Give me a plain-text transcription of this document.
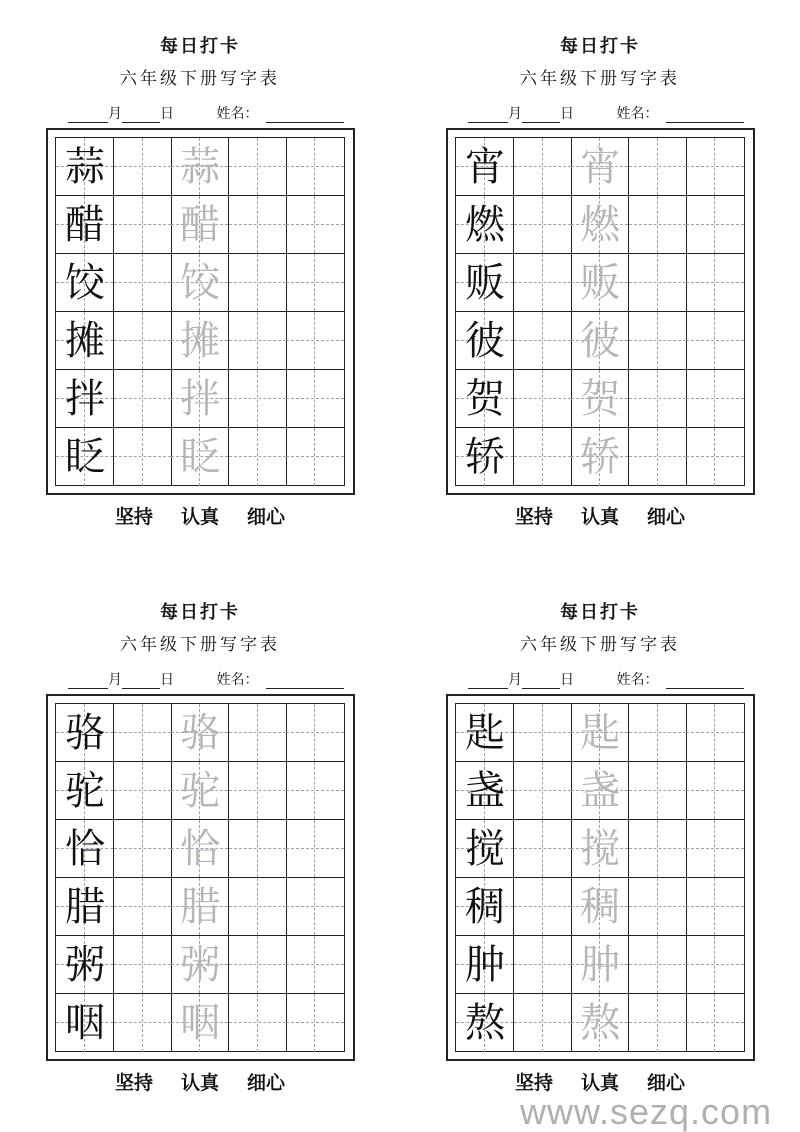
每日打卡
六年级下册写字表
月	日	姓名：
蒜 蒜
醋 醋
饺 饺
摊 摊
拌 拌
眨 眨
坚持 认真 细心
每日打卡
六年级下册写字表
月	日	姓名：
宵 宵
燃 燃
贩 贩
彼 彼
贺 贺
轿 轿
坚持 认真 细心
每日打卡
六年级下册写字表
月	日	姓名：
骆 骆
驼 驼
恰 恰
腊 腊
粥 粥
咽 咽
坚持 认真 细心
每日打卡
六年级下册写字表
月	日	姓名：
匙 匙
盏 盏
搅 搅
稠 稠
肿 肿
熬 熬
坚持 认真 细心
www.sezq.com
